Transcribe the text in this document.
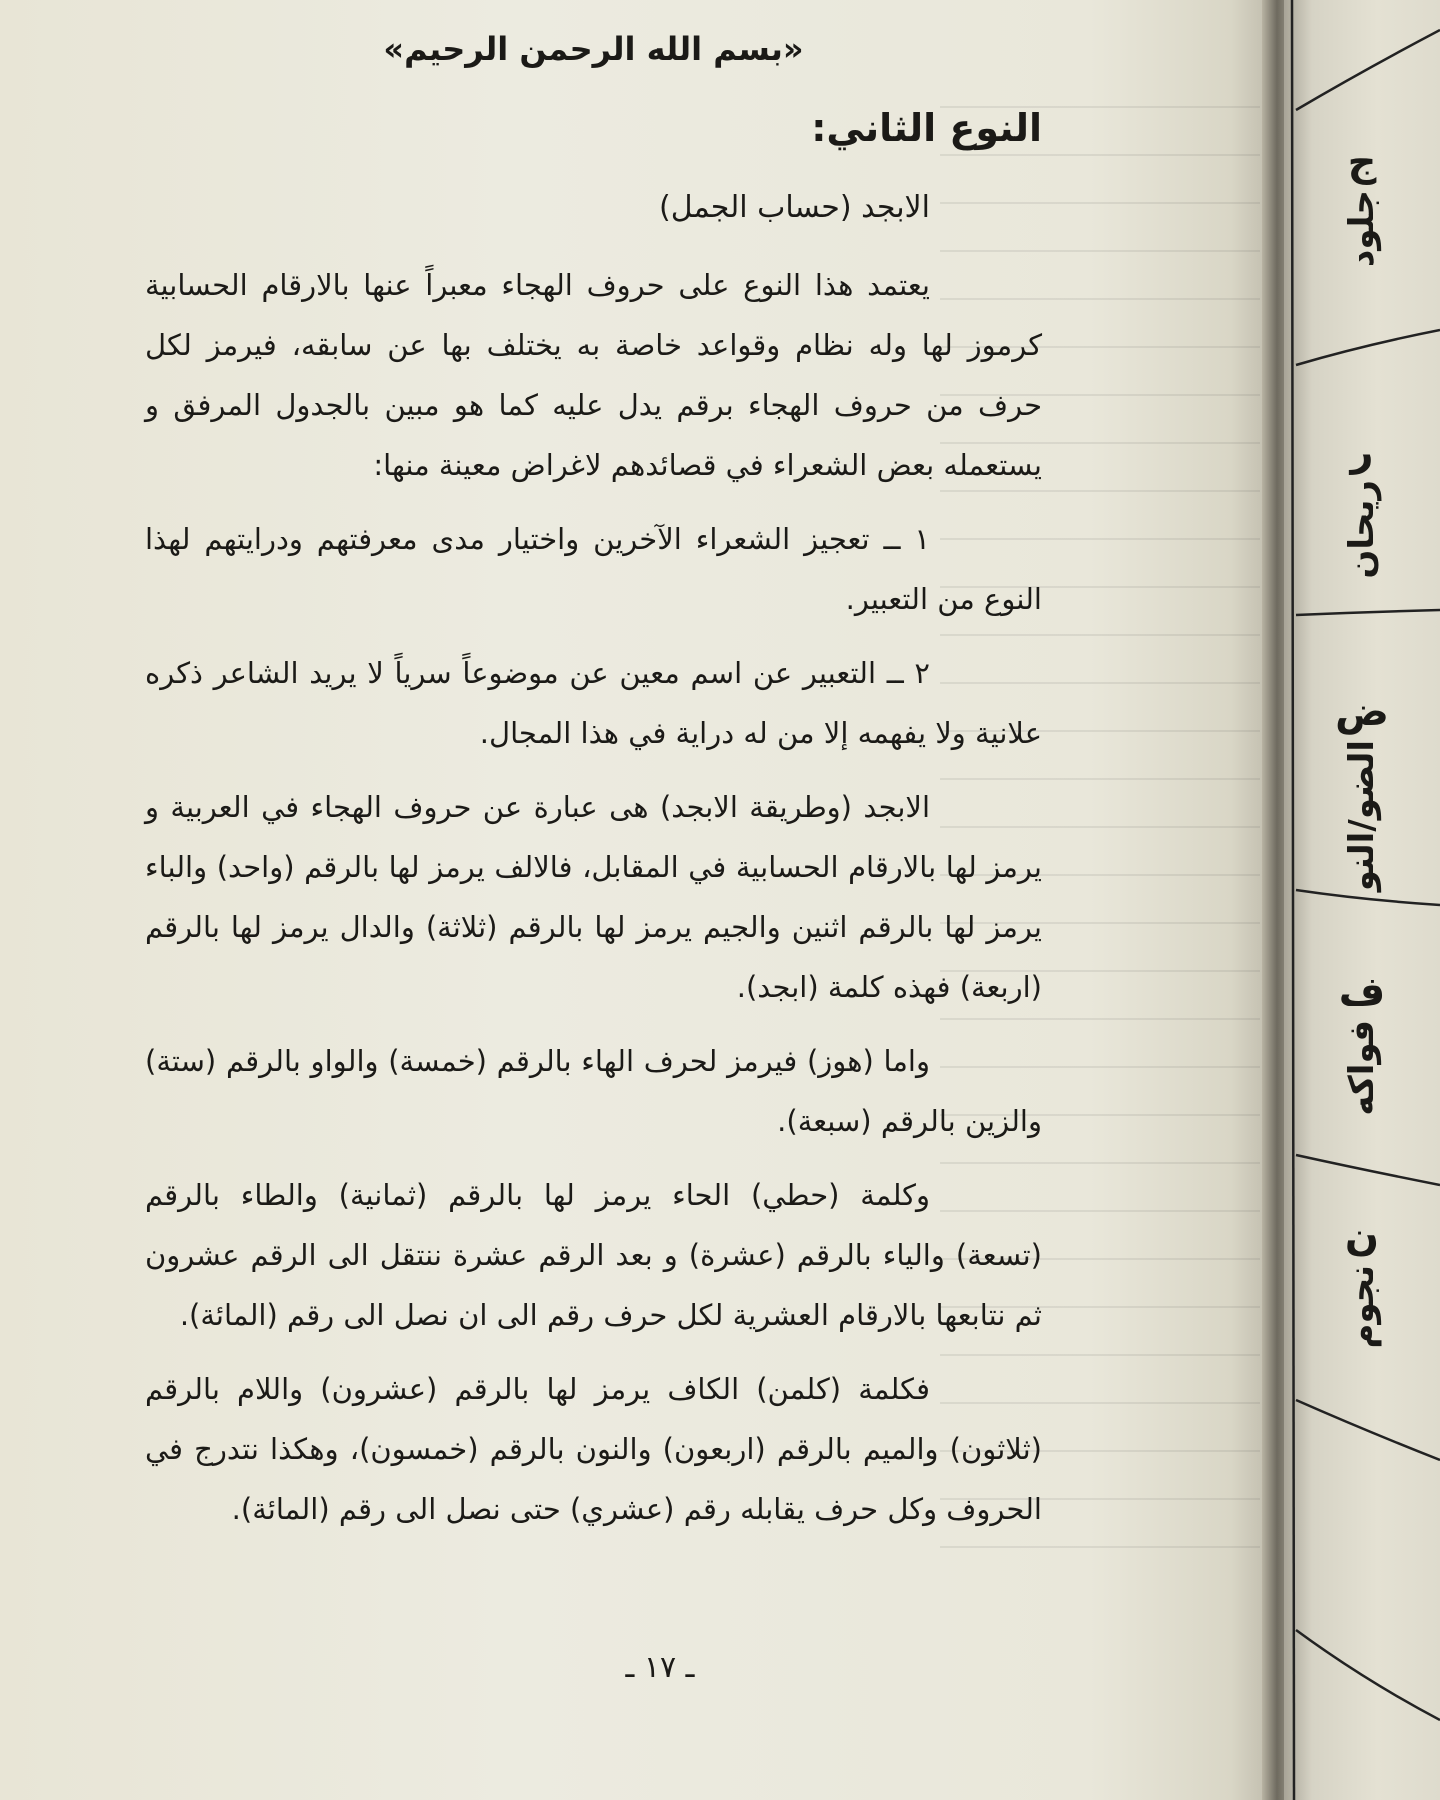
«بسم الله الرحمن الرحيم»
النوع الثاني:
الابجد (حساب الجمل)

يعتمد هذا النوع على حروف الهجاء معبراً عنها بالارقام الحسابية كرموز لها وله نظام وقواعد خاصة به يختلف بها عن سابقه، فيرمز لكل حرف من حروف الهجاء برقم يدل عليه كما هو مبين بالجدول المرفق و يستعمله بعض الشعراء في قصائدهم لاغراض معينة منها:

١ ــ تعجيز الشعراء الآخرين واختيار مدى معرفتهم ودرايتهم لهذا النوع من التعبير.

٢ ــ التعبير عن اسم معين عن موضوعاً سرياً لا يريد الشاعر ذكره علانية ولا يفهمه إلا من له دراية في هذا المجال.

الابجد (وطريقة الابجد) هى عبارة عن حروف الهجاء في العربية و يرمز لها بالارقام الحسابية في المقابل، فالالف يرمز لها بالرقم (واحد) والباء يرمز لها بالرقم اثنين والجيم يرمز لها بالرقم (ثلاثة) والدال يرمز لها بالرقم (اربعة) فهذه كلمة (ابجد).

واما (هوز) فيرمز لحرف الهاء بالرقم (خمسة) والواو بالرقم (ستة) والزين بالرقم (سبعة).

وكلمة (حطي) الحاء يرمز لها بالرقم (ثمانية) والطاء بالرقم (تسعة) والياء بالرقم (عشرة) و بعد الرقم عشرة ننتقل الى الرقم عشرون ثم نتابعها بالارقام العشرية لكل حرف رقم الى ان نصل الى رقم (المائة).

فكلمة (كلمن) الكاف يرمز لها بالرقم (عشرون) واللام بالرقم (ثلاثون) والميم بالرقم (اربعون) والنون بالرقم (خمسون)، وهكذا نتدرج في الحروف وكل حرف يقابله رقم (عشري) حتى نصل الى رقم (المائة).

ـ ١٧ ـ
ج
جلود
ر
ريحان
ض
الضو/النو
ف
فواكه
ن
نجوم
